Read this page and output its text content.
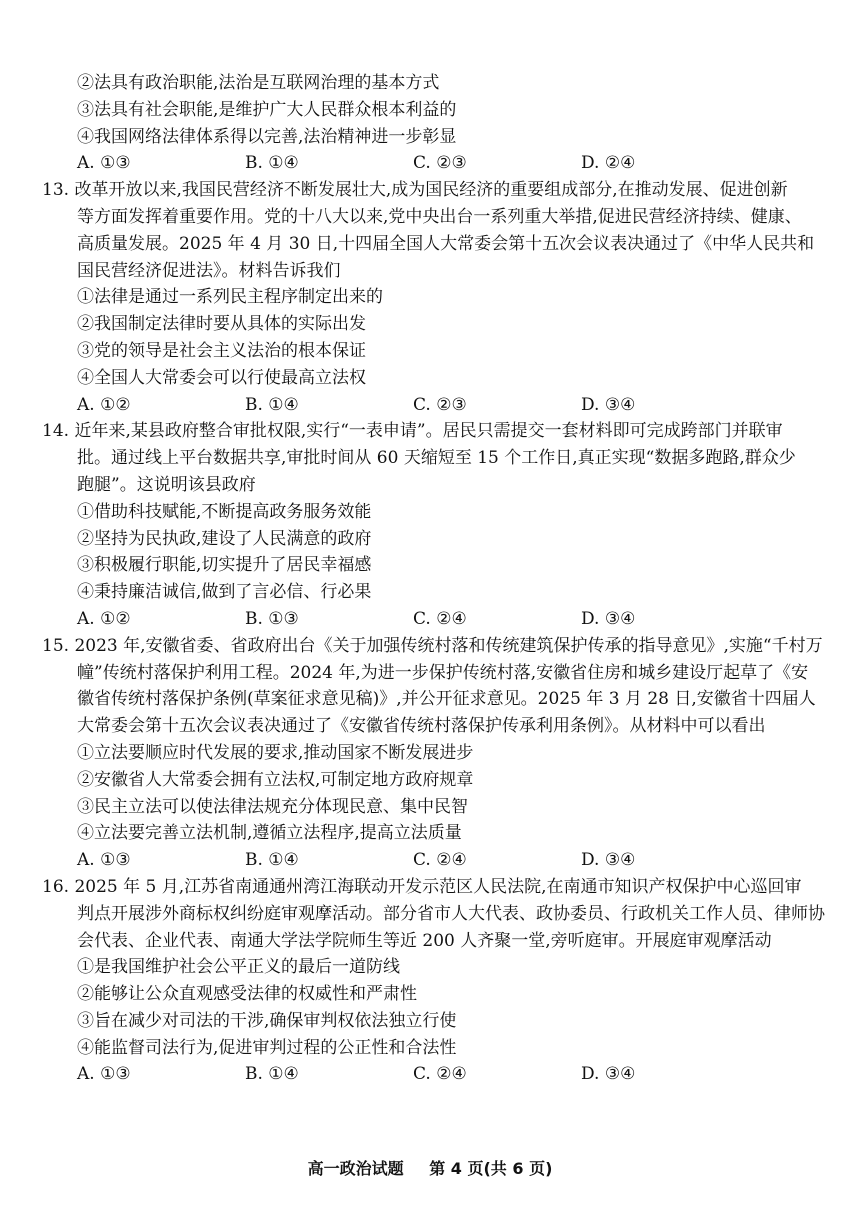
②法具有政治职能,法治是互联网治理的基本方式
③法具有社会职能,是维护广大人民群众根本利益的
④我国网络法律体系得以完善,法治精神进一步彰显
A. ①③	B. ①④	C. ②③	D. ②④
13. 改革开放以来,我国民营经济不断发展壮大,成为国民经济的重要组成部分,在推动发展、促进创新
等方面发挥着重要作用。党的十八大以来,党中央出台一系列重大举措,促进民营经济持续、健康、
高质量发展。2025 年 4 月 30 日,十四届全国人大常委会第十五次会议表决通过了《中华人民共和
国民营经济促进法》。材料告诉我们
①法律是通过一系列民主程序制定出来的
②我国制定法律时要从具体的实际出发
③党的领导是社会主义法治的根本保证
④全国人大常委会可以行使最高立法权
A. ①②	B. ①④	C. ②③	D. ③④
14. 近年来,某县政府整合审批权限,实行“一表申请”。居民只需提交一套材料即可完成跨部门并联审
批。通过线上平台数据共享,审批时间从 60 天缩短至 15 个工作日,真正实现“数据多跑路,群众少
跑腿”。这说明该县政府
①借助科技赋能,不断提高政务服务效能
②坚持为民执政,建设了人民满意的政府
③积极履行职能,切实提升了居民幸福感
④秉持廉洁诚信,做到了言必信、行必果
A. ①②	B. ①③	C. ②④	D. ③④
15. 2023 年,安徽省委、省政府出台《关于加强传统村落和传统建筑保护传承的指导意见》,实施“千村万
幢”传统村落保护利用工程。2024 年,为进一步保护传统村落,安徽省住房和城乡建设厅起草了《安
徽省传统村落保护条例(草案征求意见稿)》,并公开征求意见。2025 年 3 月 28 日,安徽省十四届人
大常委会第十五次会议表决通过了《安徽省传统村落保护传承利用条例》。从材料中可以看出
①立法要顺应时代发展的要求,推动国家不断发展进步
②安徽省人大常委会拥有立法权,可制定地方政府规章
③民主立法可以使法律法规充分体现民意、集中民智
④立法要完善立法机制,遵循立法程序,提高立法质量
A. ①③	B. ①④	C. ②④	D. ③④
16. 2025 年 5 月,江苏省南通通州湾江海联动开发示范区人民法院,在南通市知识产权保护中心巡回审
判点开展涉外商标权纠纷庭审观摩活动。部分省市人大代表、政协委员、行政机关工作人员、律师协
会代表、企业代表、南通大学法学院师生等近 200 人齐聚一堂,旁听庭审。开展庭审观摩活动
①是我国维护社会公平正义的最后一道防线
②能够让公众直观感受法律的权威性和严肃性
③旨在减少对司法的干涉,确保审判权依法独立行使
④能监督司法行为,促进审判过程的公正性和合法性
A. ①③	B. ①④	C. ②④	D. ③④
高一政治试题 第 4 页(共 6 页)
